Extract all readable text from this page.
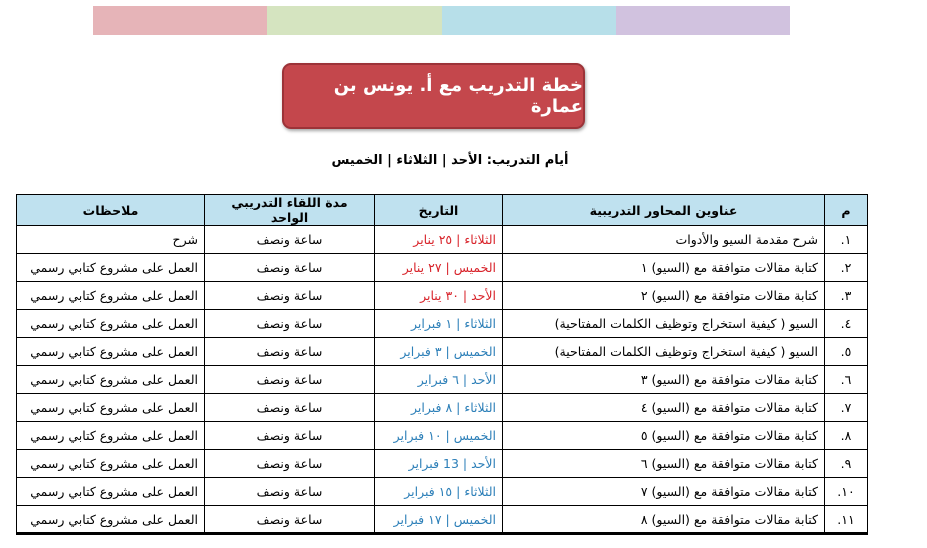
خطة التدريب مع أ. يونس بن عمارة
أيام التدريب: الأحد | الثلاثاء | الخميس
م	عناوين المحاور التدريبية	التاريخ	مدة اللقاء التدريبي الواحد	ملاحظات
١.	شرح مقدمة السيو والأدوات	الثلاثاء | ٢٥ يناير	ساعة ونصف	شرح
٢.	كتابة مقالات متوافقة مع (السيو) ١	الخميس | ٢٧ يناير	ساعة ونصف	العمل على مشروع كتابي رسمي
٣.	كتابة مقالات متوافقة مع (السيو) ٢	الأحد | ٣٠ يناير	ساعة ونصف	العمل على مشروع كتابي رسمي
٤.	السيو ( كيفية استخراج وتوظيف الكلمات المفتاحية)	الثلاثاء | ١ فبراير	ساعة ونصف	العمل على مشروع كتابي رسمي
٥.	السيو ( كيفية استخراج وتوظيف الكلمات المفتاحية)	الخميس | ٣ فبراير	ساعة ونصف	العمل على مشروع كتابي رسمي
٦.	كتابة مقالات متوافقة مع (السيو) ٣	الأحد | ٦ فبراير	ساعة ونصف	العمل على مشروع كتابي رسمي
٧.	كتابة مقالات متوافقة مع (السيو) ٤	الثلاثاء | ٨ فبراير	ساعة ونصف	العمل على مشروع كتابي رسمي
٨.	كتابة مقالات متوافقة مع (السيو) ٥	الخميس | ١٠ فبراير	ساعة ونصف	العمل على مشروع كتابي رسمي
٩.	كتابة مقالات متوافقة مع (السيو) ٦	الأحد | 13 فبراير	ساعة ونصف	العمل على مشروع كتابي رسمي
١٠.	كتابة مقالات متوافقة مع (السيو) ٧	الثلاثاء | ١٥ فبراير	ساعة ونصف	العمل على مشروع كتابي رسمي
١١.	كتابة مقالات متوافقة مع (السيو) ٨	الخميس | ١٧ فبراير	ساعة ونصف	العمل على مشروع كتابي رسمي
